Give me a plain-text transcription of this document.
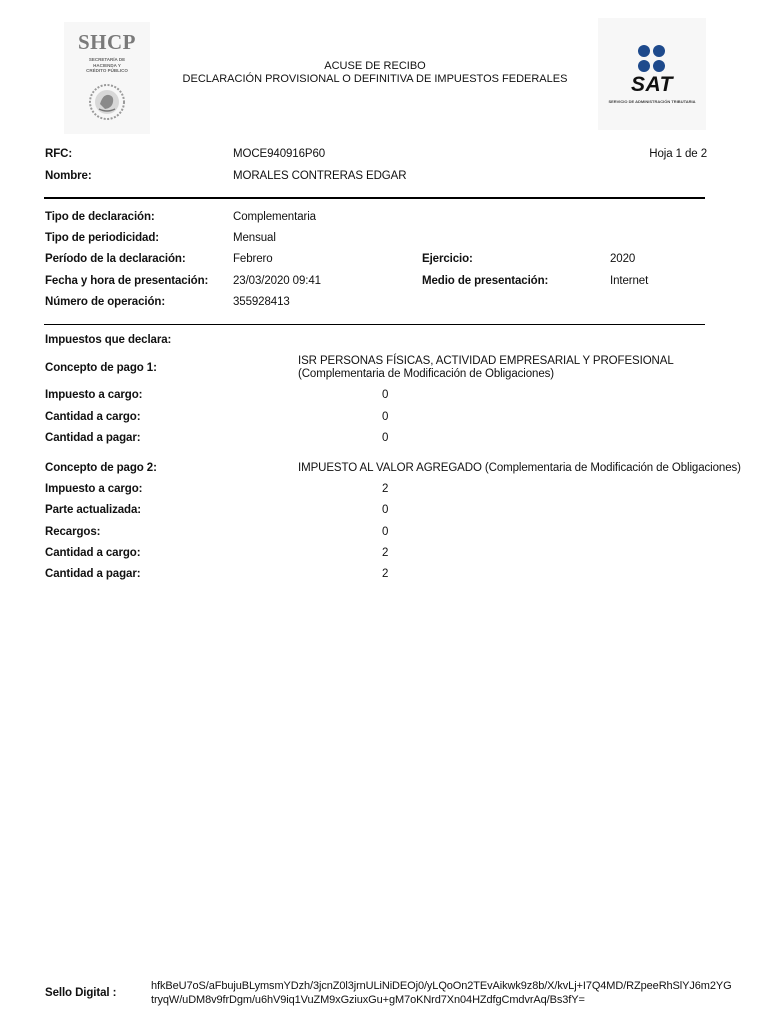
SHCP
SECRETARÍA DE
HACIENDA Y
CRÉDITO PÚBLICO	ACUSE DE RECIBO
DECLARACIÓN PROVISIONAL O DEFINITIVA DE IMPUESTOS FEDERALES	SAT
SERVICIO DE ADMINISTRACIÓN TRIBUTARIA
RFC:	MOCE940916P60	Hoja 1 de 2
Nombre:	MORALES CONTRERAS EDGAR
Tipo de declaración:	Complementaria
Tipo de periodicidad:	Mensual
Período de la declaración:	Febrero	Ejercicio:	2020
Fecha y hora de presentación: 23/03/2020 09:41	Medio de presentación:	Internet
Número de operación:	355928413
Impuestos que declara:
Concepto de pago 1:
ISR PERSONAS FÍSICAS, ACTIVIDAD EMPRESARIAL Y PROFESIONAL
(Complementaria de Modificación de Obligaciones)
Impuesto a cargo:	0
Cantidad a cargo:	0
Cantidad a pagar:	0
Concepto de pago 2:	IMPUESTO AL VALOR AGREGADO (Complementaria de Modificación de Obligaciones)
Impuesto a cargo:	2
Parte actualizada:	0
Recargos:	0
Cantidad a cargo:	2
Cantidad a pagar:	2
Sello Digital :
hfkBeU7oS/aFbujuBLymsmYDzh/3jcnZ0l3jrnULiNiDEOj0/yLQoOn2TEvAikwk9z8b/X/kvLj+I7Q4MD/RZpeeRhSlYJ6m2YG
tryqW/uDM8v9frDgm/u6hV9iq1VuZM9xGziuxGu+gM7oKNrd7Xn04HZdfgCmdvrAq/Bs3fY=
